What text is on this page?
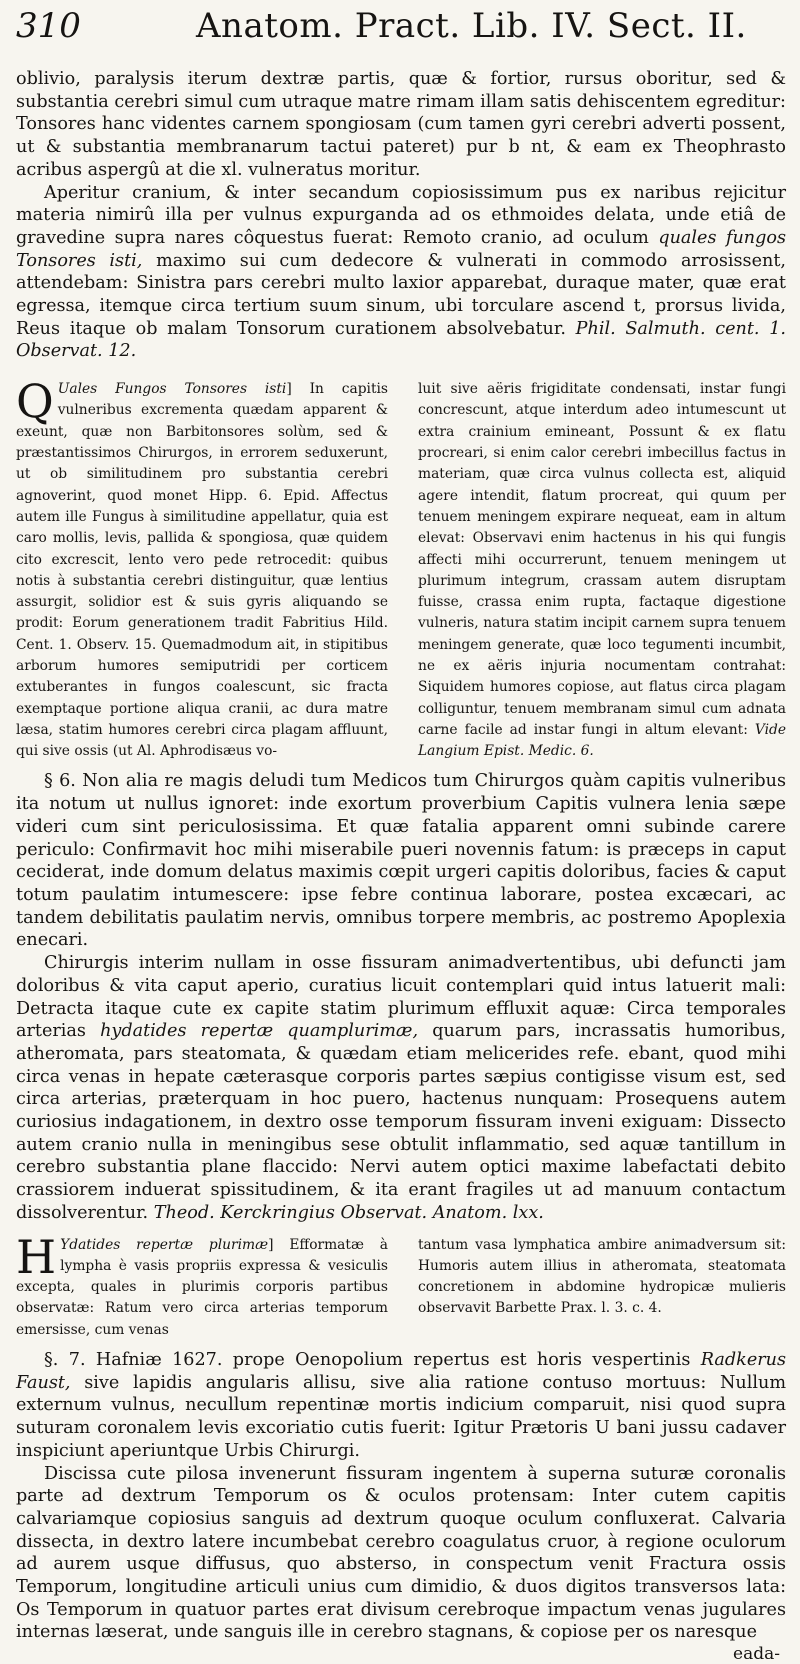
310	Anatom. Pract. Lib. IV. Sect. II.

oblivio, paralysis iterum dextræ partis, quæ & fortior, rursus oboritur, sed & substantia cerebri simul cum utraque matre rimam illam satis dehiscentem egreditur: Tonsores hanc videntes carnem spongiosam (cum tamen gyri cerebri adverti possent, ut & substantia membranarum tactui pateret) pur b nt, & eam ex Theophrasto acribus aspergû at die xl. vulneratus moritur.

Aperitur cranium, & inter secandum copiosissimum pus ex naribus rejicitur materia nimirû illa per vulnus expurganda ad os ethmoides delata, unde etiâ de gravedine supra nares côquestus fuerat: Remoto cranio, ad oculum quales fungos Tonsores isti, maximo sui cum dedecore & vulnerati in commodo arrosissent, attendebam: Sinistra pars cerebri multo laxior apparebat, duraque mater, quæ erat egressa, itemque circa tertium suum sinum, ubi torculare ascend t, prorsus livida, Reus itaque ob malam Tonsorum curationem absolvebatur. Phil. Salmuth. cent. 1. Observat. 12.

Q Uales Fungos Tonsores isti] In capitis vulneribus excrementa quædam apparent & exeunt, quæ non Barbitonsores solùm, sed & præstantissimos Chirurgos, in errorem seduxerunt, ut ob similitudinem pro substantia cerebri agnoverint, quod monet Hipp. 6. Epid. Affectus autem ille Fungus à similitudine appellatur, quia est caro mollis, levis, pallida & spongiosa, quæ quidem cito excrescit, lento vero pede retrocedit: quibus notis à substantia cerebri distinguitur, quæ lentius assurgit, solidior est & suis gyris aliquando se prodit: Eorum generationem tradit Fabritius Hild. Cent. 1. Observ. 15. Quemadmodum ait, in stipitibus arborum humores semiputridi per corticem extuberantes in fungos coalescunt, sic fracta exemptaque portione aliqua cranii, ac dura matre læsa, statim humores cerebri circa plagam affluunt, qui sive ossis (ut Al. Aphrodisæus vo-
luit sive aëris frigiditate condensati, instar fungi concrescunt, atque interdum adeo intumescunt ut extra crainium emineant, Possunt & ex flatu procreari, si enim calor cerebri imbecillus factus in materiam, quæ circa vulnus collecta est, aliquid agere intendit, flatum procreat, qui quum per tenuem meningem expirare nequeat, eam in altum elevat: Observavi enim hactenus in his qui fungis affecti mihi occurrerunt, tenuem meningem ut plurimum integrum, crassam autem disruptam fuisse, crassa enim rupta, factaque digestione vulneris, natura statim incipit carnem supra tenuem meningem generate, quæ loco tegumenti incumbit, ne ex aëris injuria nocumentam contrahat: Siquidem humores copiose, aut flatus circa plagam colliguntur, tenuem membranam simul cum adnata carne facile ad instar fungi in altum elevant: Vide Langium Epist. Medic. 6.

§ 6. Non alia re magis deludi tum Medicos tum Chirurgos quàm capitis vulneribus ita notum ut nullus ignoret: inde exortum proverbium Capitis vulnera lenia sæpe videri cum sint periculosissima. Et quæ fatalia apparent omni subinde carere periculo: Confirmavit hoc mihi miserabile pueri novennis fatum: is præceps in caput ceciderat, inde domum delatus maximis cœpit urgeri capitis doloribus, facies & caput totum paulatim intumescere: ipse febre continua laborare, postea excæcari, ac tandem debilitatis paulatim nervis, omnibus torpere membris, ac postremo Apoplexia enecari.

Chirurgis interim nullam in osse fissuram animadvertentibus, ubi defuncti jam doloribus & vita caput aperio, curatius licuit contemplari quid intus latuerit mali: Detracta itaque cute ex capite statim plurimum effluxit aquæ: Circa temporales arterias hydatides repertæ quamplurimæ, quarum pars, incrassatis humoribus, atheromata, pars steatomata, & quædam etiam melicerides refe. ebant, quod mihi circa venas in hepate cæterasque corporis partes sæpius contigisse visum est, sed circa arterias, præterquam in hoc puero, hactenus nunquam: Prosequens autem curiosius indagationem, in dextro osse temporum fissuram inveni exiguam: Dissecto autem cranio nulla in meningibus sese obtulit inflammatio, sed aquæ tantillum in cerebro substantia plane flaccido: Nervi autem optici maxime labefactati debito crassiorem induerat spissitudinem, & ita erant fragiles ut ad manuum contactum dissolverentur. Theod. Kerckringius Observat. Anatom. lxx.

H Ydatides repertæ plurimæ] Efformatæ à lympha è vasis propriis expressa & vesiculis excepta, quales in plurimis corporis partibus observatæ: Ratum vero circa arterias temporum emersisse, cum venas
tantum vasa lymphatica ambire animadversum sit: Humoris autem illius in atheromata, steatomata concretionem in abdomine hydropicæ mulieris observavit Barbette Prax. l. 3. c. 4.

§. 7. Hafniæ 1627. prope Oenopolium repertus est horis vespertinis Radkerus Faust, sive lapidis angularis allisu, sive alia ratione contuso mortuus: Nullum externum vulnus, necullum repentinæ mortis indicium comparuit, nisi quod supra suturam coronalem levis excoriatio cutis fuerit: Igitur Prætoris U bani jussu cadaver inspiciunt aperiuntque Urbis Chirurgi.

Discissa cute pilosa invenerunt fissuram ingentem à superna suturæ coronalis parte ad dextrum Temporum os & oculos protensam: Inter cutem capitis calvariamque copiosius sanguis ad dextrum quoque oculum confluxerat. Calvaria dissecta, in dextro latere incumbebat cerebro coagulatus cruor, à regione oculorum ad aurem usque diffusus, quo absterso, in conspectum venit Fractura ossis Temporum, longitudine articuli unius cum dimidio, & duos digitos transversos lata: Os Temporum in quatuor partes erat divisum cerebroque impactum venas jugulares internas læserat, unde sanguis ille in cerebro stagnans, & copiose per os naresque

eada-
